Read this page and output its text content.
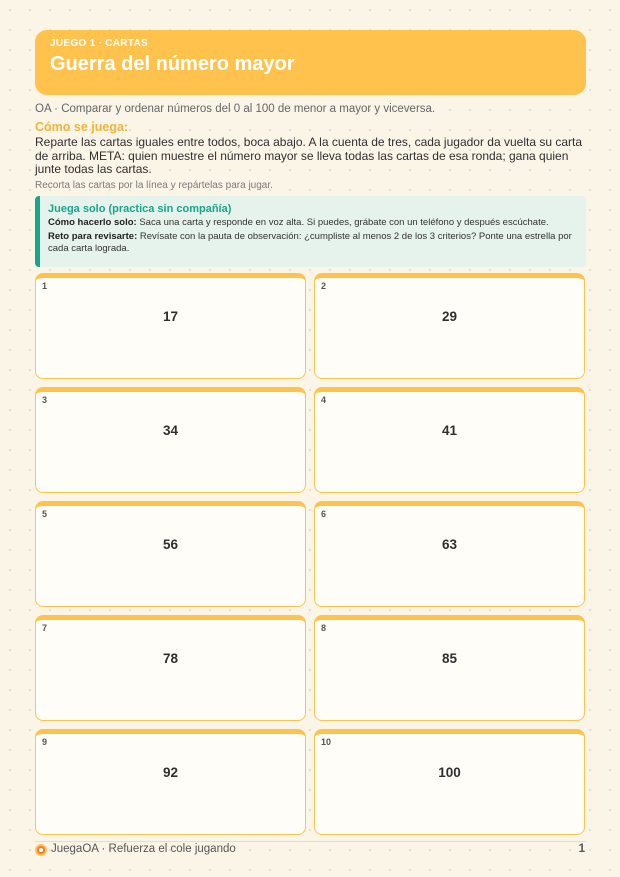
JUEGO 1 · CARTAS
Guerra del número mayor
OA · Comparar y ordenar números del 0 al 100 de menor a mayor y viceversa.
Cómo se juega:
Reparte las cartas iguales entre todos, boca abajo. A la cuenta de tres, cada jugador da vuelta su carta de arriba. META: quien muestre el número mayor se lleva todas las cartas de esa ronda; gana quien junte todas las cartas.
Recorta las cartas por la línea y repártelas para jugar.
Juega solo (practica sin compañía)

Cómo hacerlo solo: Saca una carta y responde en voz alta. Si puedes, grábate con un teléfono y después escúchate.

Reto para revisarte: Revísate con la pauta de observación: ¿cumpliste al menos 2 de los 3 criterios? Ponte una estrella por cada carta lograda.

1
17
2
29
3
34
4
41
5
56
6
63
7
78
8
85
9
92
10
100
JuegaOA · Refuerza el cole jugando	1
